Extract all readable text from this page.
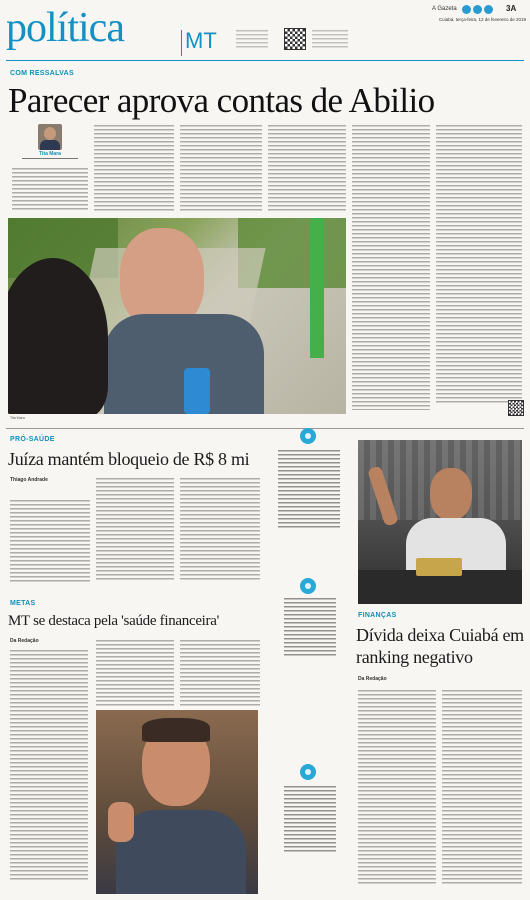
política	MT
A Gazeta	3A
Cuiabá, terça-feira, 12 de fevereiro de 2019
COM RESSALVAS
Parecer aprova contas de Abilio
Tita Mara
Tita Mara
PRÓ-SAÚDE
Juíza mantém bloqueio de R$ 8 mi
Thiago Andrade
METAS
MT se destaca pela 'saúde financeira'
Da Redação
FINANÇAS
Dívida deixa Cuiabá em ranking negativo
Da Redação
